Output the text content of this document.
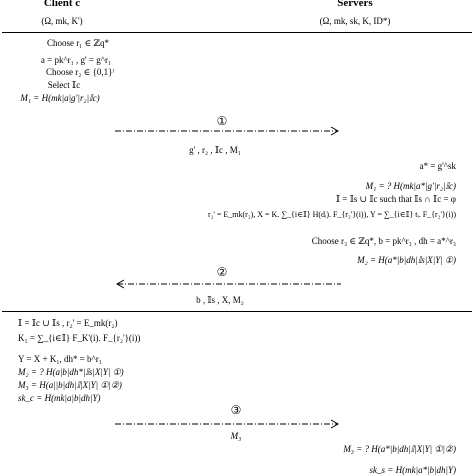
Client c	Servers
(Ω, mk, K')	(Ω, mk, sk, K, ID*)
Choose r₁ ∈ ℤq*
a = pk^r₁ , g' = g^r₁
Choose r₂ ∈ {0,1}ˡ
Select 𝕀c
M₁ = H(mk|a|g'|r₂|𝕀c)
①
g' , r₂ , 𝕀c , M₁
a* = g'^sk
M₁ = ? H(mk|a*|g'|r₂|𝕀c)
𝕀 = 𝕀s ∪ 𝕀c such that 𝕀s ∩ 𝕀c = φ
r₂' = E_mk(r₂), X = K. ∑_{i∈𝕀} H(dᵢ). F_{r₂'}(i)), Y = ∑_{i∈𝕀} tᵢ. F_{r₂'}(i))
Choose r₃ ∈ ℤq*, b = pk^r₃ , dh = a*^r₃
M₂ = H(a*|b|dh|𝕀s|X|Y| ①)
②
b , 𝕀s , X, M₂
𝕀 = 𝕀c ∪ 𝕀s , r₂' = E_mk(r₂)
K₁ = ∑_{i∈𝕀} F_K'(i). F_{r₂'}(i))
Y = X + K₁, dh* = b^r₁
M₂ = ? H(a|b|dh*|𝕀s|X|Y| ①)
M₃ = H(a||b|dh|𝕀|X|Y| ①|②)
sk_c = H(mk|a|b|dh|Y)
③
M₃
M₃ = ? H(a*|b|dh|𝕀|X|Y| ①|②)
sk_s = H(mk|a*|b|dh|Y)
